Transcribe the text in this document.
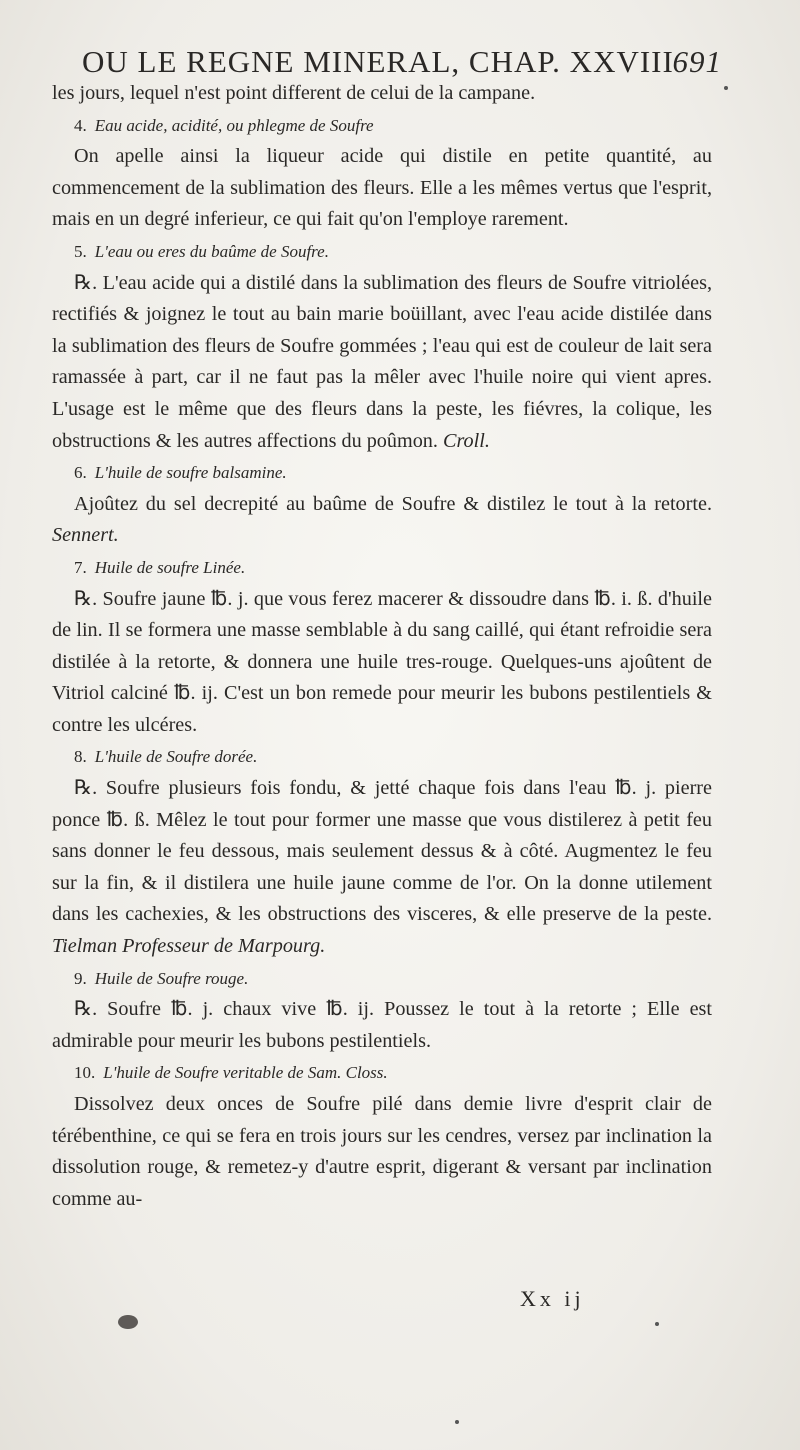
OU LE REGNE MINERAL, CHAP. XXVIII
691

les jours, lequel n'est point different de celui de la campane.

4. Eau acide, acidité, ou phlegme de Soufre

On apelle ainsi la liqueur acide qui distile en petite quantité, au commencement de la sublimation des fleurs. Elle a les mêmes vertus que l'esprit, mais en un degré inferieur, ce qui fait qu'on l'employe rarement.

5. L'eau ou eres du baûme de Soufre.

℞. L'eau acide qui a distilé dans la sublimation des fleurs de Soufre vitriolées, rectifiés & joignez le tout au bain marie boüillant, avec l'eau acide distilée dans la sublimation des fleurs de Soufre gommées ; l'eau qui est de couleur de lait sera ramassée à part, car il ne faut pas la mêler avec l'huile noire qui vient apres. L'usage est le même que des fleurs dans la peste, les fiévres, la colique, les obstructions & les autres affections du poûmon. Croll.

6. L'huile de soufre balsamine.

Ajoûtez du sel decrepité au baûme de Soufre & distilez le tout à la retorte. Sennert.

7. Huile de soufre Linée.

℞. Soufre jaune ℔. j. que vous ferez macerer & dissoudre dans ℔. i. ß. d'huile de lin. Il se formera une masse semblable à du sang caillé, qui étant refroidie sera distilée à la retorte, & donnera une huile tres-rouge. Quelques-uns ajoûtent de Vitriol calciné ℔. ij. C'est un bon remede pour meurir les bubons pestilentiels & contre les ulcéres.

8. L'huile de Soufre dorée.

℞. Soufre plusieurs fois fondu, & jetté chaque fois dans l'eau ℔. j. pierre ponce ℔. ß. Mêlez le tout pour former une masse que vous distilerez à petit feu sans donner le feu dessous, mais seulement dessus & à côté. Augmentez le feu sur la fin, & il distilera une huile jaune comme de l'or. On la donne utilement dans les cachexies, & les obstructions des visceres, & elle preserve de la peste. Tielman Professeur de Marpourg.

9. Huile de Soufre rouge.

℞. Soufre ℔. j. chaux vive ℔. ij. Poussez le tout à la retorte ; Elle est admirable pour meurir les bubons pestilentiels.

10. L'huile de Soufre veritable de Sam. Closs.

Dissolvez deux onces de Soufre pilé dans demie livre d'esprit clair de térébenthine, ce qui se fera en trois jours sur les cendres, versez par inclination la dissolution rouge, & remetez-y d'autre esprit, digerant & versant par inclination comme au-

Xx ij
